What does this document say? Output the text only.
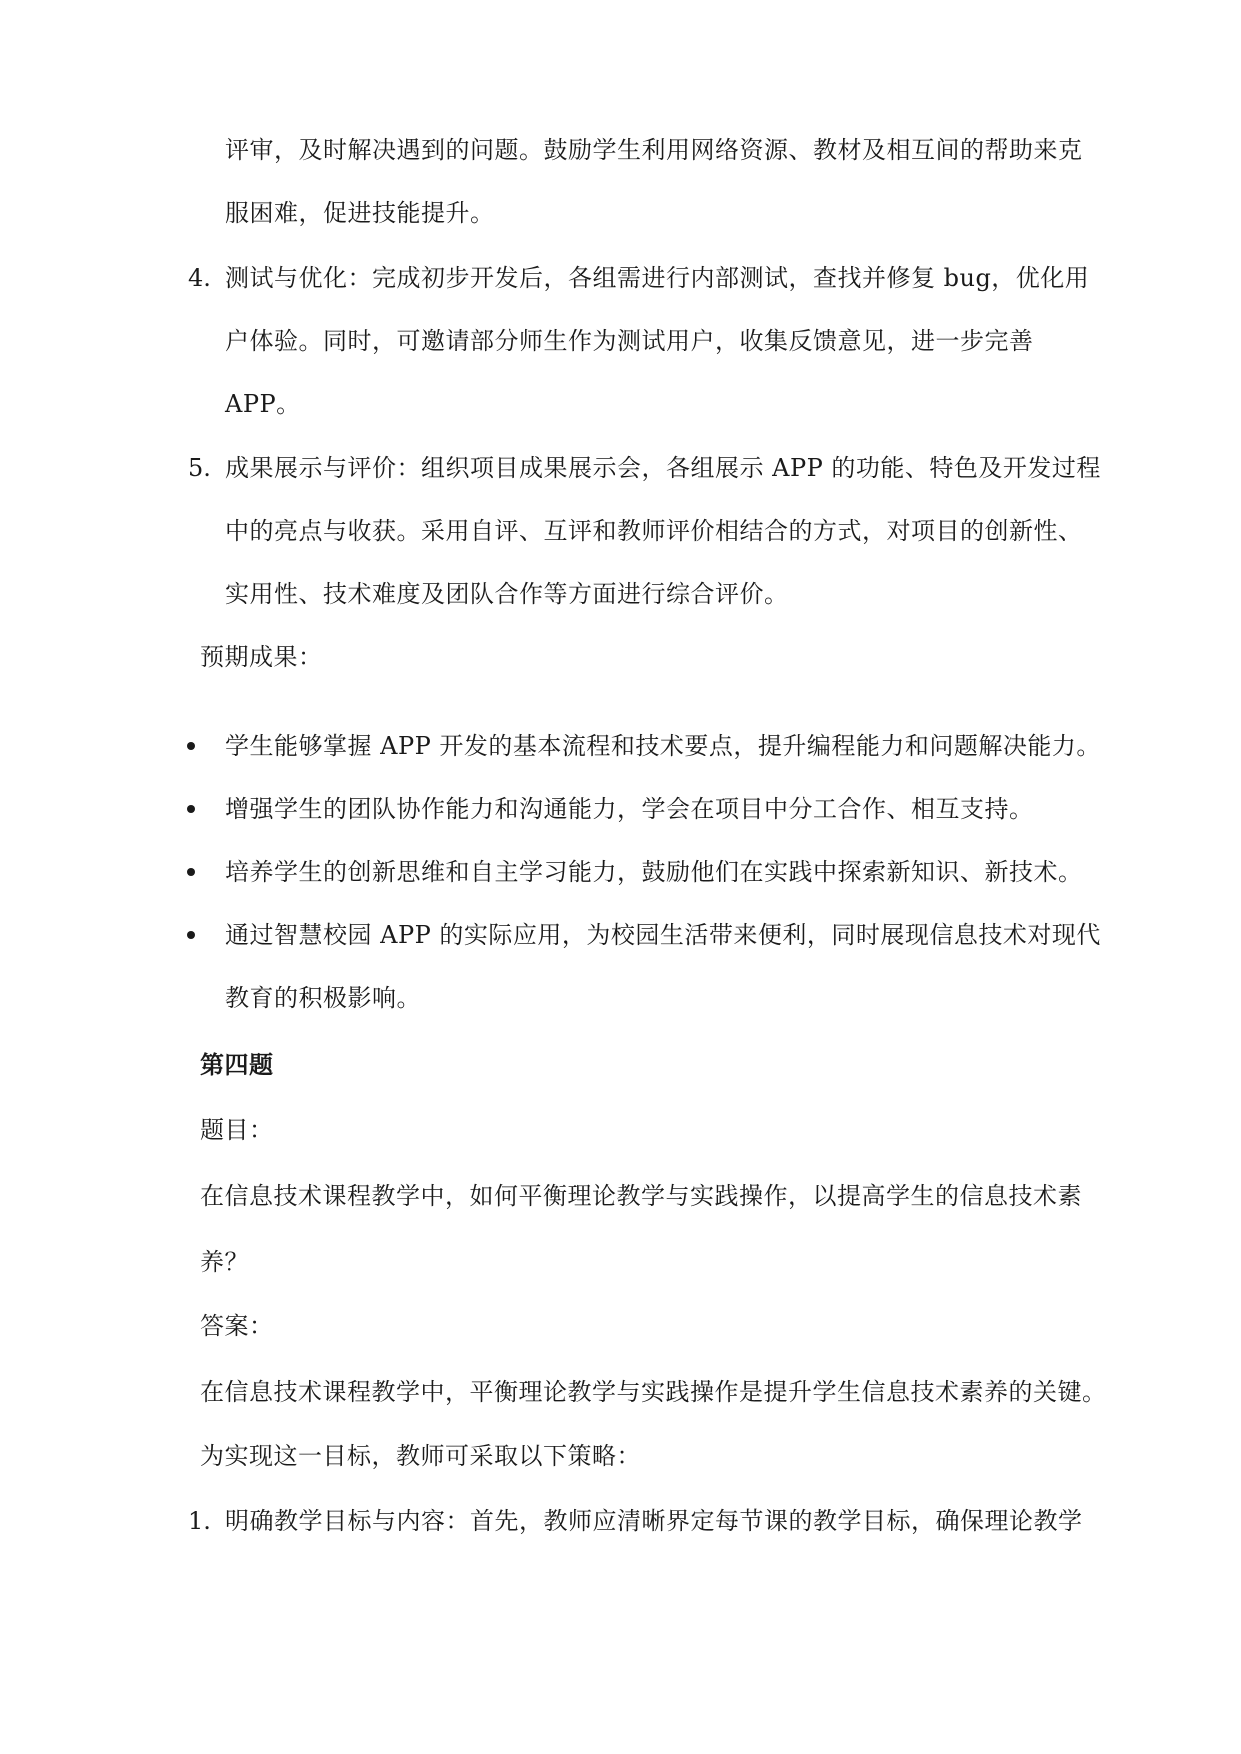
评审，及时解决遇到的问题。鼓励学生利用网络资源、教材及相互间的帮助来克
服困难，促进技能提升。
4. 测试与优化：完成初步开发后，各组需进行内部测试，查找并修复 bug，优化用
户体验。同时，可邀请部分师生作为测试用户，收集反馈意见，进一步完善
APP。
5. 成果展示与评价：组织项目成果展示会，各组展示 APP 的功能、特色及开发过程
中的亮点与收获。采用自评、互评和教师评价相结合的方式，对项目的创新性、
实用性、技术难度及团队合作等方面进行综合评价。
预期成果：
学生能够掌握 APP 开发的基本流程和技术要点，提升编程能力和问题解决能力。
增强学生的团队协作能力和沟通能力，学会在项目中分工合作、相互支持。
培养学生的创新思维和自主学习能力，鼓励他们在实践中探索新知识、新技术。
通过智慧校园 APP 的实际应用，为校园生活带来便利，同时展现信息技术对现代
教育的积极影响。
第四题
题目：
在信息技术课程教学中，如何平衡理论教学与实践操作，以提高学生的信息技术素
养？
答案：
在信息技术课程教学中，平衡理论教学与实践操作是提升学生信息技术素养的关键。
为实现这一目标，教师可采取以下策略：
1. 明确教学目标与内容：首先，教师应清晰界定每节课的教学目标，确保理论教学
